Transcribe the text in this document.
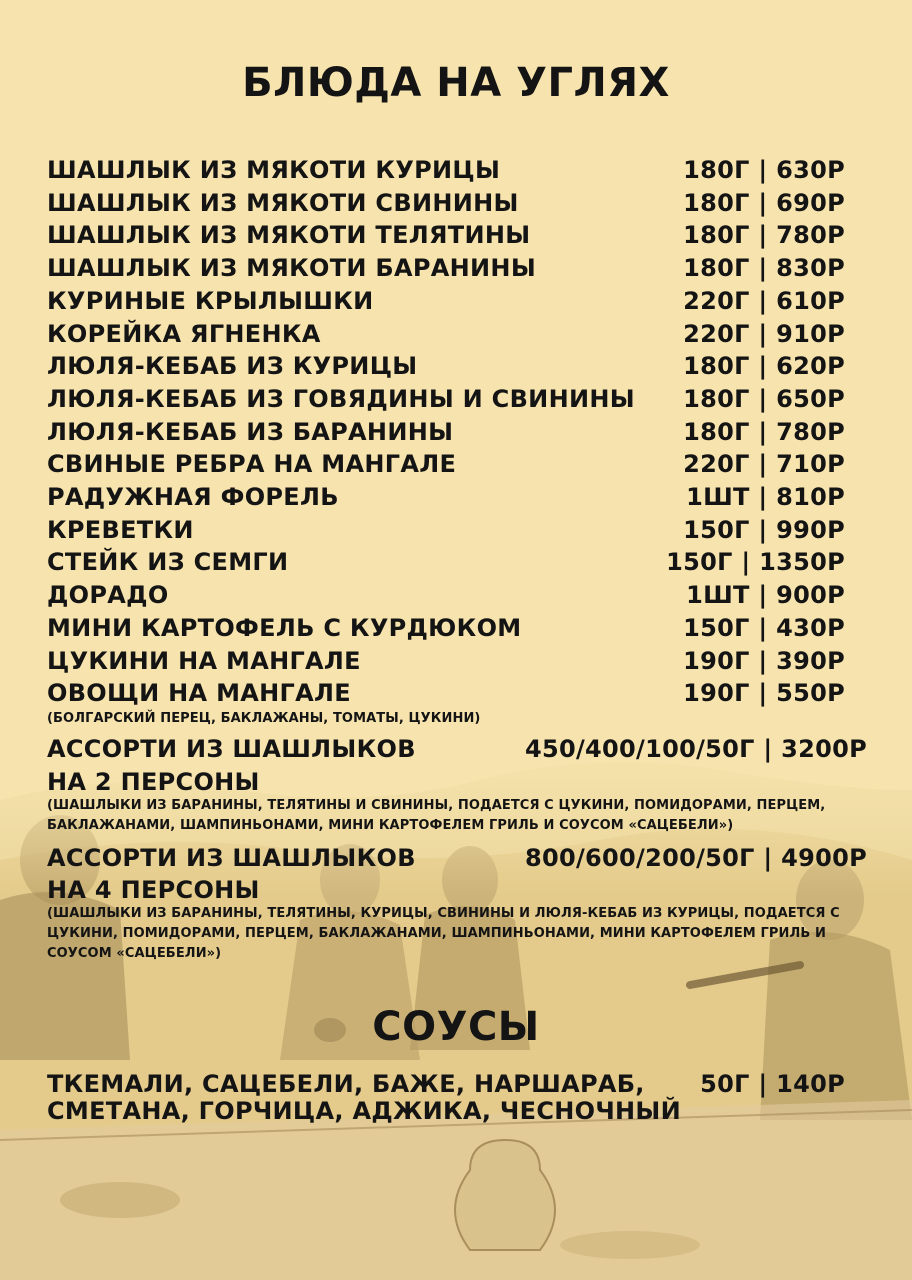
БЛЮДА НА УГЛЯХ
ШАШЛЫК ИЗ МЯКОТИ КУРИЦЫ	180Г | 630Р
ШАШЛЫК ИЗ МЯКОТИ СВИНИНЫ	180Г | 690Р
ШАШЛЫК ИЗ МЯКОТИ ТЕЛЯТИНЫ	180Г | 780Р
ШАШЛЫК ИЗ МЯКОТИ БАРАНИНЫ	180Г | 830Р
КУРИНЫЕ КРЫЛЫШКИ	220Г | 610Р
КОРЕЙКА ЯГНЕНКА	220Г | 910Р
ЛЮЛЯ-КЕБАБ ИЗ КУРИЦЫ	180Г | 620Р
ЛЮЛЯ-КЕБАБ ИЗ ГОВЯДИНЫ И СВИНИНЫ 180Г | 650Р
ЛЮЛЯ-КЕБАБ ИЗ БАРАНИНЫ	180Г | 780Р
СВИНЫЕ РЕБРА НА МАНГАЛЕ	220Г | 710Р
РАДУЖНАЯ ФОРЕЛЬ	1ШТ | 810Р
КРЕВЕТКИ	150Г | 990Р
СТЕЙК ИЗ СЕМГИ	150Г | 1350Р
ДОРАДО	1ШТ | 900Р
МИНИ КАРТОФЕЛЬ С КУРДЮКОМ	150Г | 430Р
ЦУКИНИ НА МАНГАЛЕ	190Г | 390Р
ОВОЩИ НА МАНГАЛЕ	190Г | 550Р
(БОЛГАРСКИЙ ПЕРЕЦ, БАКЛАЖАНЫ, ТОМАТЫ, ЦУКИНИ)
АССОРТИ ИЗ ШАШЛЫКОВ	450/400/100/50Г | 3200Р
НА 2 ПЕРСОНЫ
(ШАШЛЫКИ ИЗ БАРАНИНЫ, ТЕЛЯТИНЫ И СВИНИНЫ, ПОДАЕТСЯ С ЦУКИНИ, ПОМИДОРАМИ, ПЕРЦЕМ,
БАКЛАЖАНАМИ, ШАМПИНЬОНАМИ, МИНИ КАРТОФЕЛЕМ ГРИЛЬ И СОУСОМ «САЦЕБЕЛИ»)
АССОРТИ ИЗ ШАШЛЫКОВ	800/600/200/50Г | 4900Р
НА 4 ПЕРСОНЫ
(ШАШЛЫКИ ИЗ БАРАНИНЫ, ТЕЛЯТИНЫ, КУРИЦЫ, СВИНИНЫ И ЛЮЛЯ-КЕБАБ ИЗ КУРИЦЫ, ПОДАЕТСЯ С
ЦУКИНИ, ПОМИДОРАМИ, ПЕРЦЕМ, БАКЛАЖАНАМИ, ШАМПИНЬОНАМИ, МИНИ КАРТОФЕЛЕМ ГРИЛЬ И
СОУСОМ «САЦЕБЕЛИ»)
СОУСЫ
ТКЕМАЛИ, САЦЕБЕЛИ, БАЖЕ, НАРШАРАБ, 50Г | 140Р
СМЕТАНА, ГОРЧИЦА, АДЖИКА, ЧЕСНОЧНЫЙ
